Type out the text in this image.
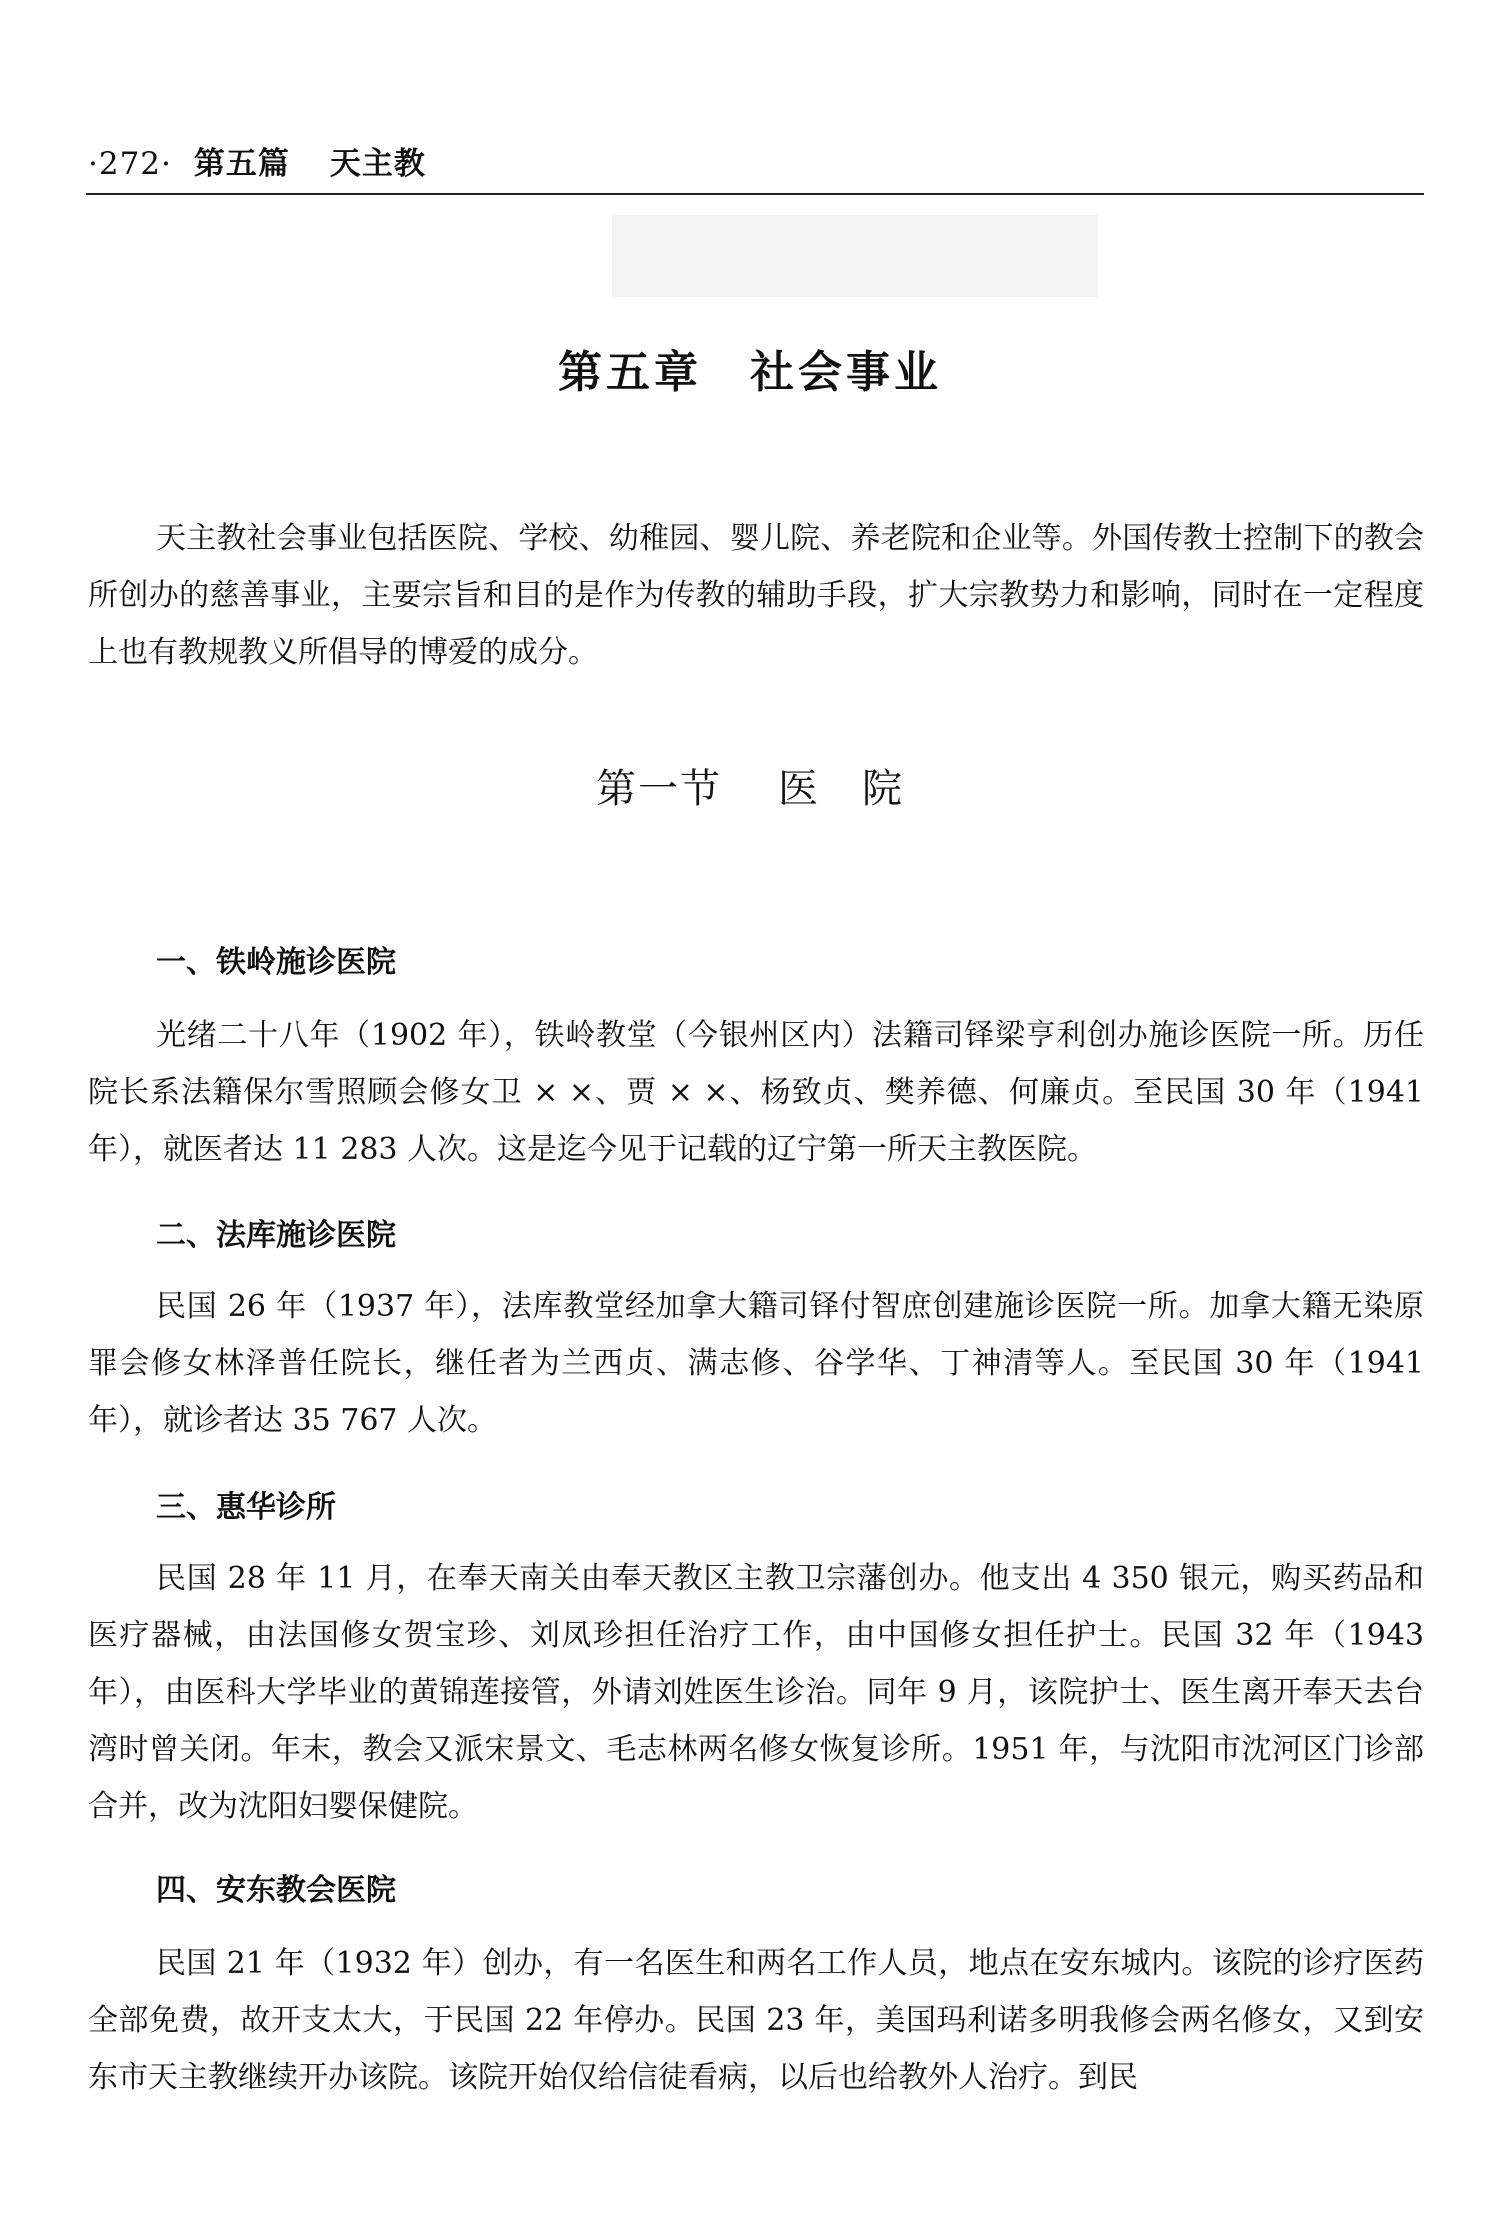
·272· 第五篇 天主教
第五章 社会事业

天主教社会事业包括医院、学校、幼稚园、婴儿院、养老院和企业等。外国传教士控制下的教会所创办的慈善事业，主要宗旨和目的是作为传教的辅助手段，扩大宗教势力和影响，同时在一定程度上也有教规教义所倡导的博爱的成分。

第一节 医 院
一、铁岭施诊医院

光绪二十八年（1902 年），铁岭教堂（今银州区内）法籍司铎梁亨利创办施诊医院一所。历任院长系法籍保尔雪照顾会修女卫 × ×、贾 × ×、杨致贞、樊养德、何廉贞。至民国 30 年（1941 年），就医者达 11 283 人次。这是迄今见于记载的辽宁第一所天主教医院。

二、法库施诊医院

民国 26 年（1937 年），法库教堂经加拿大籍司铎付智庶创建施诊医院一所。加拿大籍无染原罪会修女林泽普任院长，继任者为兰西贞、满志修、谷学华、丁神清等人。至民国 30 年（1941 年），就诊者达 35 767 人次。

三、惠华诊所

民国 28 年 11 月，在奉天南关由奉天教区主教卫宗藩创办。他支出 4 350 银元，购买药品和医疗器械，由法国修女贺宝珍、刘凤珍担任治疗工作，由中国修女担任护士。民国 32 年（1943 年），由医科大学毕业的黄锦莲接管，外请刘姓医生诊治。同年 9 月，该院护士、医生离开奉天去台湾时曾关闭。年末，教会又派宋景文、毛志林两名修女恢复诊所。1951 年，与沈阳市沈河区门诊部合并，改为沈阳妇婴保健院。

四、安东教会医院

民国 21 年（1932 年）创办，有一名医生和两名工作人员，地点在安东城内。该院的诊疗医药全部免费，故开支太大，于民国 22 年停办。民国 23 年，美国玛利诺多明我修会两名修女，又到安东市天主教继续开办该院。该院开始仅给信徒看病，以后也给教外人治疗。到民
